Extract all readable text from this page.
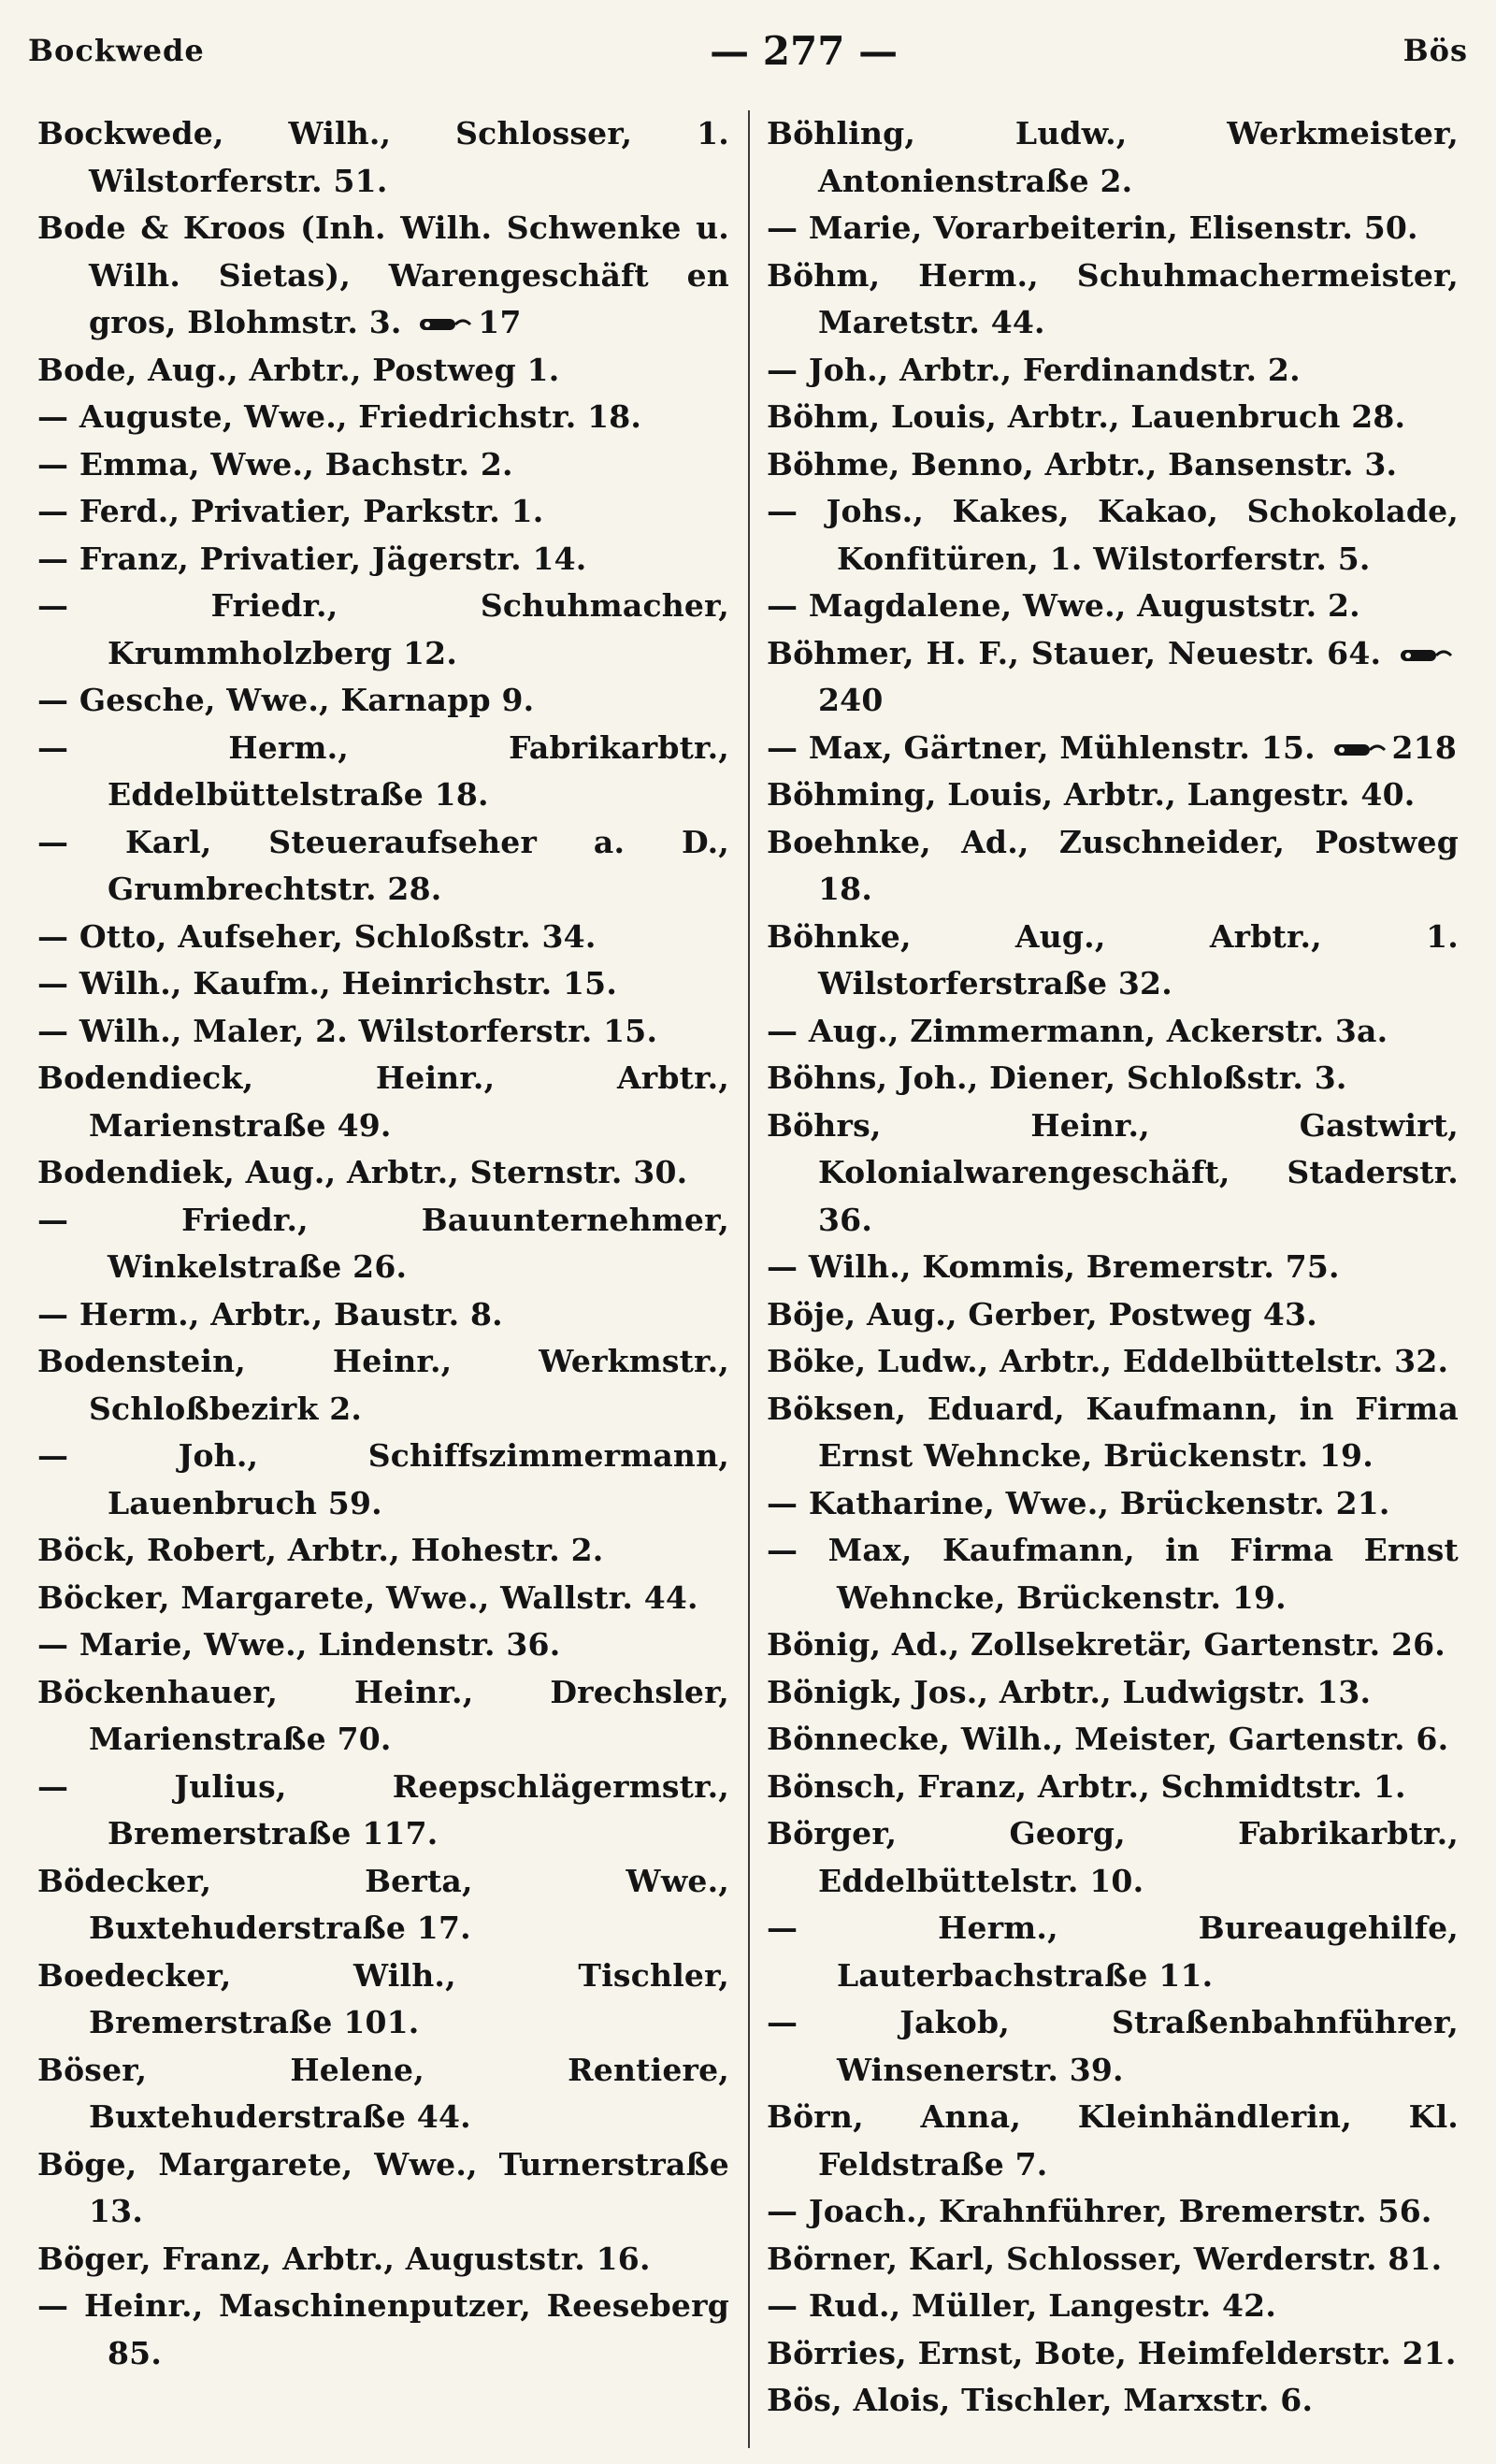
Bockwede	— 277 —	Bös
Bockwede, Wilh., Schlosser, 1. Wilstorferstr. 51.
Bode & Kroos (Inh. Wilh. Schwenke u. Wilh. Sietas), Warengeschäft en gros, Blohmstr. 3. 17
Bode, Aug., Arbtr., Postweg 1.
— Auguste, Wwe., Friedrichstr. 18.
— Emma, Wwe., Bachstr. 2.
— Ferd., Privatier, Parkstr. 1.
— Franz, Privatier, Jägerstr. 14.
— Friedr., Schuhmacher, Krummholzberg 12.
— Gesche, Wwe., Karnapp 9.
— Herm., Fabrikarbtr., Eddelbüttelstraße 18.
— Karl, Steueraufseher a. D., Grumbrechtstr. 28.
— Otto, Aufseher, Schloßstr. 34.
— Wilh., Kaufm., Heinrichstr. 15.
— Wilh., Maler, 2. Wilstorferstr. 15.
Bodendieck, Heinr., Arbtr., Marienstraße 49.
Bodendiek, Aug., Arbtr., Sternstr. 30.
— Friedr., Bauunternehmer, Winkelstraße 26.
— Herm., Arbtr., Baustr. 8.
Bodenstein, Heinr., Werkmstr., Schloßbezirk 2.
— Joh., Schiffszimmermann, Lauenbruch 59.
Böck, Robert, Arbtr., Hohestr. 2.
Böcker, Margarete, Wwe., Wallstr. 44.
— Marie, Wwe., Lindenstr. 36.
Böckenhauer, Heinr., Drechsler, Marienstraße 70.
— Julius, Reepschlägermstr., Bremerstraße 117.
Bödecker, Berta, Wwe., Buxtehuderstraße 17.
Boedecker, Wilh., Tischler, Bremerstraße 101.
Böser, Helene, Rentiere, Buxtehuderstraße 44.
Böge, Margarete, Wwe., Turnerstraße 13.
Böger, Franz, Arbtr., Auguststr. 16.
— Heinr., Maschinenputzer, Reeseberg 85.
Böhling, Ludw., Werkmeister, Antonienstraße 2.
— Marie, Vorarbeiterin, Elisenstr. 50.
Böhm, Herm., Schuhmachermeister, Maretstr. 44.
— Joh., Arbtr., Ferdinandstr. 2.
Böhm, Louis, Arbtr., Lauenbruch 28.
Böhme, Benno, Arbtr., Bansenstr. 3.
— Johs., Kakes, Kakao, Schokolade, Konfitüren, 1. Wilstorferstr. 5.
— Magdalene, Wwe., Auguststr. 2.
Böhmer, H. F., Stauer, Neuestr. 64. 240
— Max, Gärtner, Mühlenstr. 15. 218
Böhming, Louis, Arbtr., Langestr. 40.
Boehnke, Ad., Zuschneider, Postweg 18.
Böhnke, Aug., Arbtr., 1. Wilstorferstraße 32.
— Aug., Zimmermann, Ackerstr. 3a.
Böhns, Joh., Diener, Schloßstr. 3.
Böhrs, Heinr., Gastwirt, Kolonialwarengeschäft, Staderstr. 36.
— Wilh., Kommis, Bremerstr. 75.
Böje, Aug., Gerber, Postweg 43.
Böke, Ludw., Arbtr., Eddelbüttelstr. 32.
Böksen, Eduard, Kaufmann, in Firma Ernst Wehncke, Brückenstr. 19.
— Katharine, Wwe., Brückenstr. 21.
— Max, Kaufmann, in Firma Ernst Wehncke, Brückenstr. 19.
Bönig, Ad., Zollsekretär, Gartenstr. 26.
Bönigk, Jos., Arbtr., Ludwigstr. 13.
Bönnecke, Wilh., Meister, Gartenstr. 6.
Bönsch, Franz, Arbtr., Schmidtstr. 1.
Börger, Georg, Fabrikarbtr., Eddelbüttelstr. 10.
— Herm., Bureaugehilfe, Lauterbachstraße 11.
— Jakob, Straßenbahnführer, Winsenerstr. 39.
Börn, Anna, Kleinhändlerin, Kl. Feldstraße 7.
— Joach., Krahnführer, Bremerstr. 56.
Börner, Karl, Schlosser, Werderstr. 81.
— Rud., Müller, Langestr. 42.
Börries, Ernst, Bote, Heimfelderstr. 21.
Bös, Alois, Tischler, Marxstr. 6.
